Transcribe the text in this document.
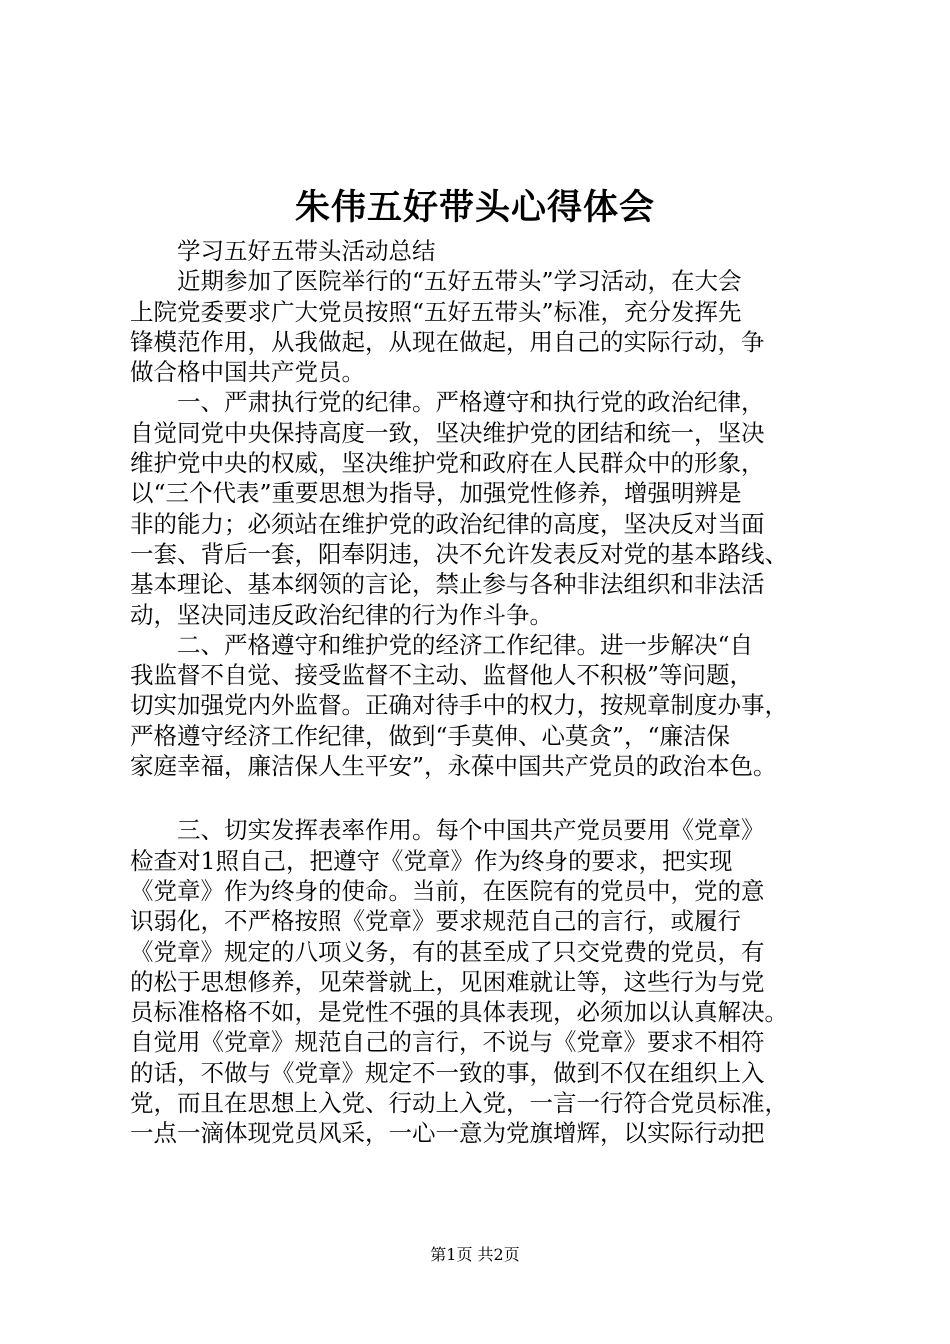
朱伟五好带头心得体会
学习五好五带头活动总结
近期参加了医院举行的“五好五带头”学习活动，在大会
上院党委要求广大党员按照“五好五带头”标准，充分发挥先
锋模范作用，从我做起，从现在做起，用自己的实际行动，争
做合格中国共产党员。
一、严肃执行党的纪律。严格遵守和执行党的政治纪律，
自觉同党中央保持高度一致，坚决维护党的团结和统一，坚决
维护党中央的权威，坚决维护党和政府在人民群众中的形象，
以“三个代表”重要思想为指导，加强党性修养，增强明辨是
非的能力；必须站在维护党的政治纪律的高度，坚决反对当面
一套、背后一套，阳奉阴违，决不允许发表反对党的基本路线、
基本理论、基本纲领的言论，禁止参与各种非法组织和非法活
动，坚决同违反政治纪律的行为作斗争。
二、严格遵守和维护党的经济工作纪律。进一步解决“自
我监督不自觉、接受监督不主动、监督他人不积极”等问题，
切实加强党内外监督。正确对待手中的权力，按规章制度办事，
严格遵守经济工作纪律，做到“手莫伸、心莫贪”，“廉洁保
家庭幸福，廉洁保人生平安”，永葆中国共产党员的政治本色。
三、切实发挥表率作用。每个中国共产党员要用《党章》
检查对1照自己，把遵守《党章》作为终身的要求，把实现
《党章》作为终身的使命。当前，在医院有的党员中，党的意
识弱化，不严格按照《党章》要求规范自己的言行，或履行
《党章》规定的八项义务，有的甚至成了只交党费的党员，有
的松于思想修养，见荣誉就上，见困难就让等，这些行为与党
员标准格格不如，是党性不强的具体表现，必须加以认真解决。
自觉用《党章》规范自己的言行，不说与《党章》要求不相符
的话，不做与《党章》规定不一致的事，做到不仅在组织上入
党，而且在思想上入党、行动上入党，一言一行符合党员标准，
一点一滴体现党员风采，一心一意为党旗增辉，以实际行动把
第1页 共2页
